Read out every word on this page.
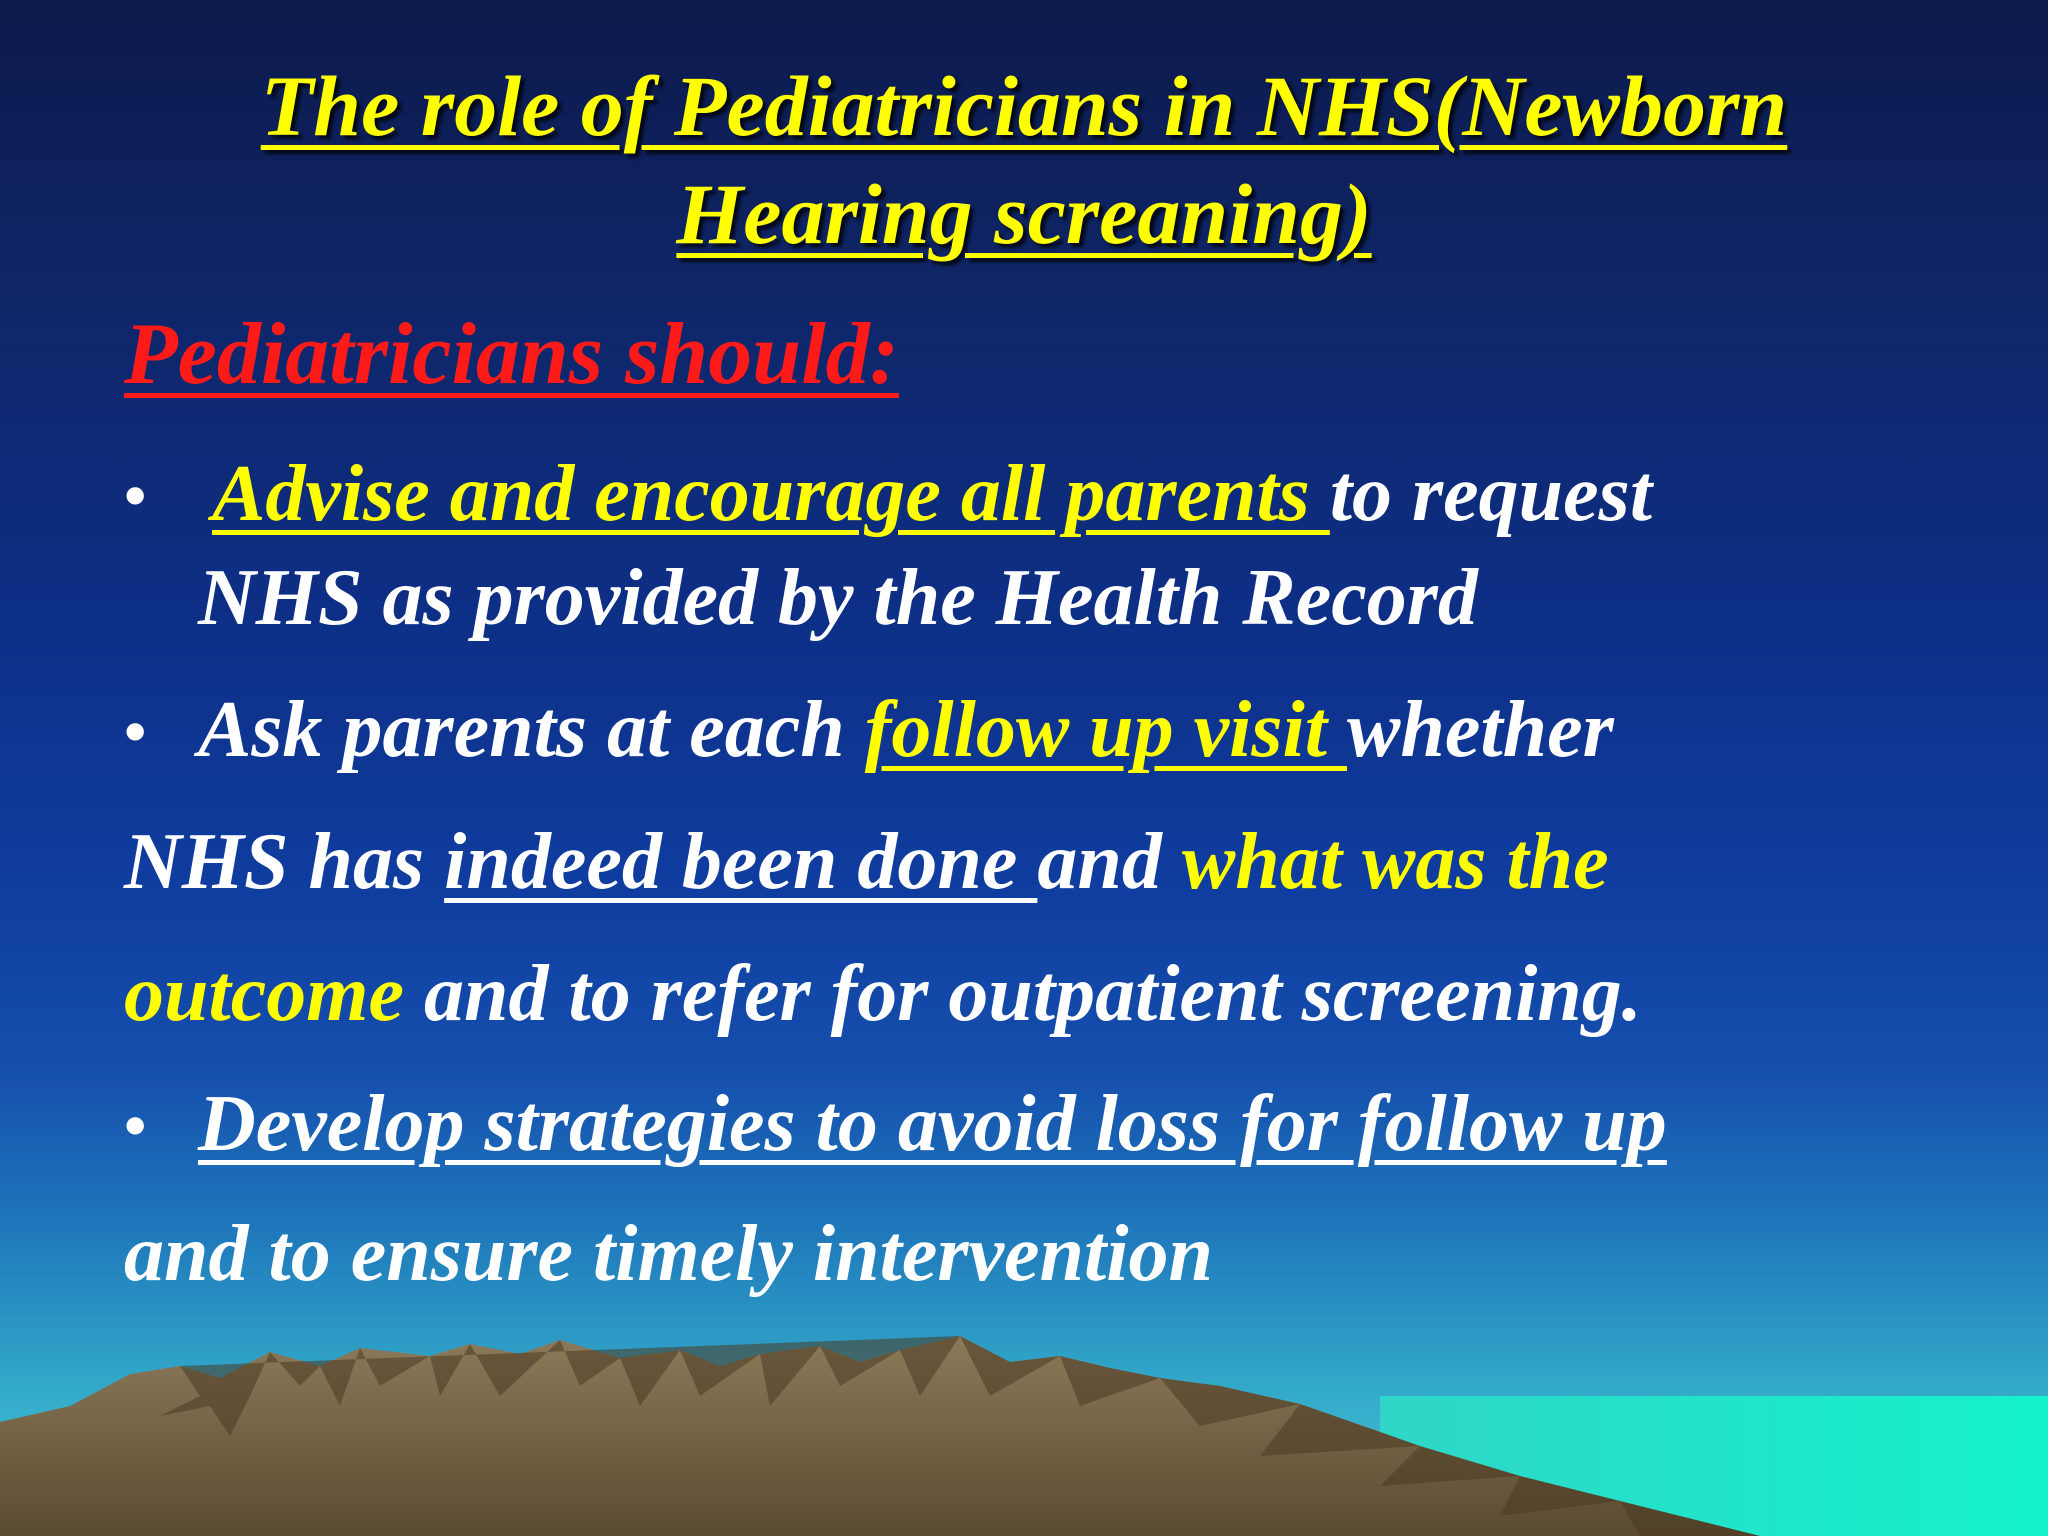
The role of Pediatricians in NHS(Newborn
Hearing screaning)
Pediatricians should:
• Advise and encourage all parents to request
NHS as provided by the Health Record
• Ask parents at each follow up visit whether
NHS has indeed been done and what was the
outcome and to refer for outpatient screening.
• Develop strategies to avoid loss for follow up
and to ensure timely intervention
